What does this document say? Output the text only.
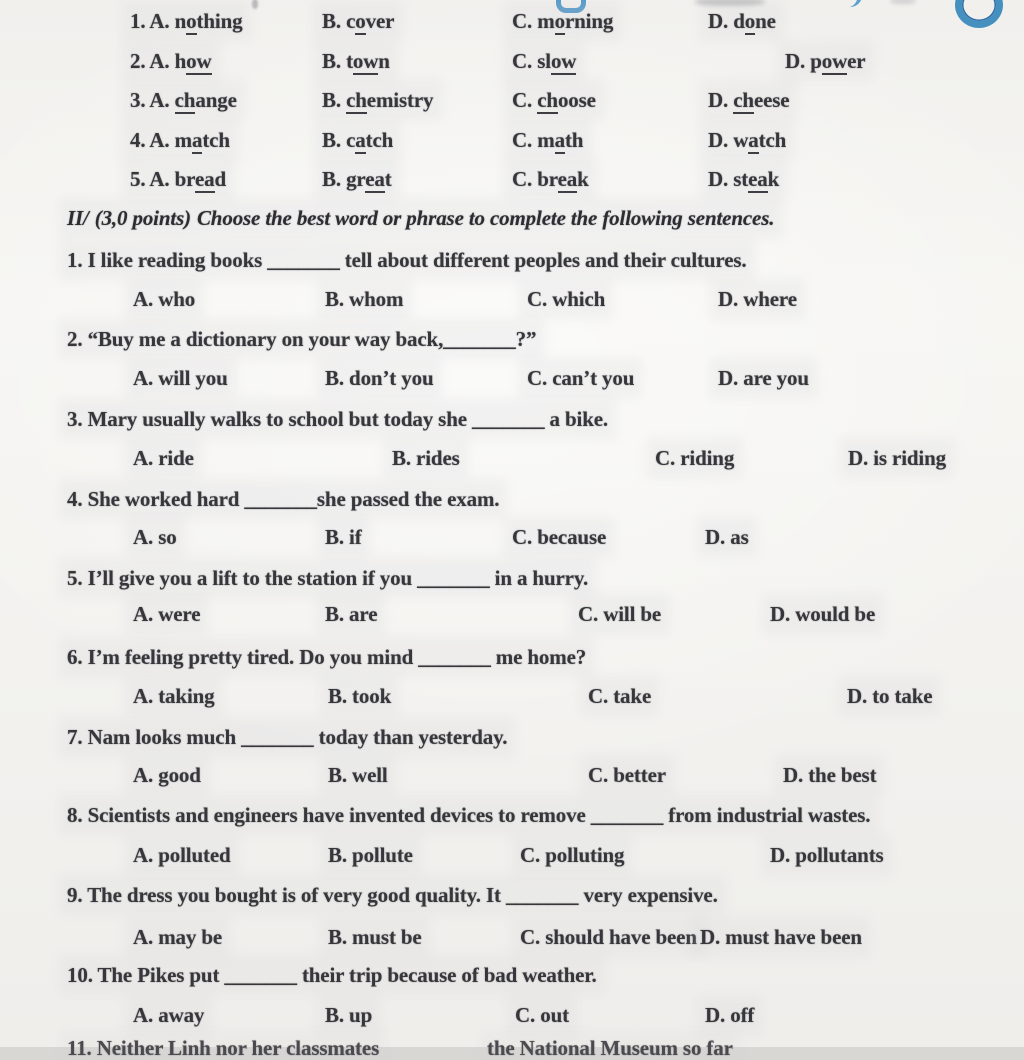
1. A. nothing	B. cover	C. morning	D. done
2. A. how	B. town	C. slow	D. power
3. A. change	B. chemistry	C. choose	D. cheese
4. A. match	B. catch	C. math	D. watch
5. A. bread	B. great	C. break	D. steak
II/ (3,0 points) Choose the best word or phrase to complete the following sentences.
1. I like reading books _______ tell about different peoples and their cultures.
A. who	B. whom	C. which	D. where
2. “Buy me a dictionary on your way back,_______?”
A. will you	B. don’t you	C. can’t you	D. are you
3. Mary usually walks to school but today she _______ a bike.
A. ride	B. rides	C. riding	D. is riding
4. She worked hard _______she passed the exam.
A. so	B. if	C. because	D. as
5. I’ll give you a lift to the station if you _______ in a hurry.
A. were	B. are	C. will be	D. would be
6. I’m feeling pretty tired. Do you mind _______ me home?
A. taking	B. took	C. take	D. to take
7. Nam looks much _______ today than yesterday.
A. good	B. well	C. better	D. the best
8. Scientists and engineers have invented devices to remove _______ from industrial wastes.
A. polluted	B. pollute	C. polluting	D. pollutants
9. The dress you bought is of very good quality. It _______ very expensive.
A. may be	B. must be	C. should have been D. must have been
10. The Pikes put _______ their trip because of bad weather.
A. away	B. up	C. out	D. off
11. Neither Linh nor her classmates	the National Museum so far
